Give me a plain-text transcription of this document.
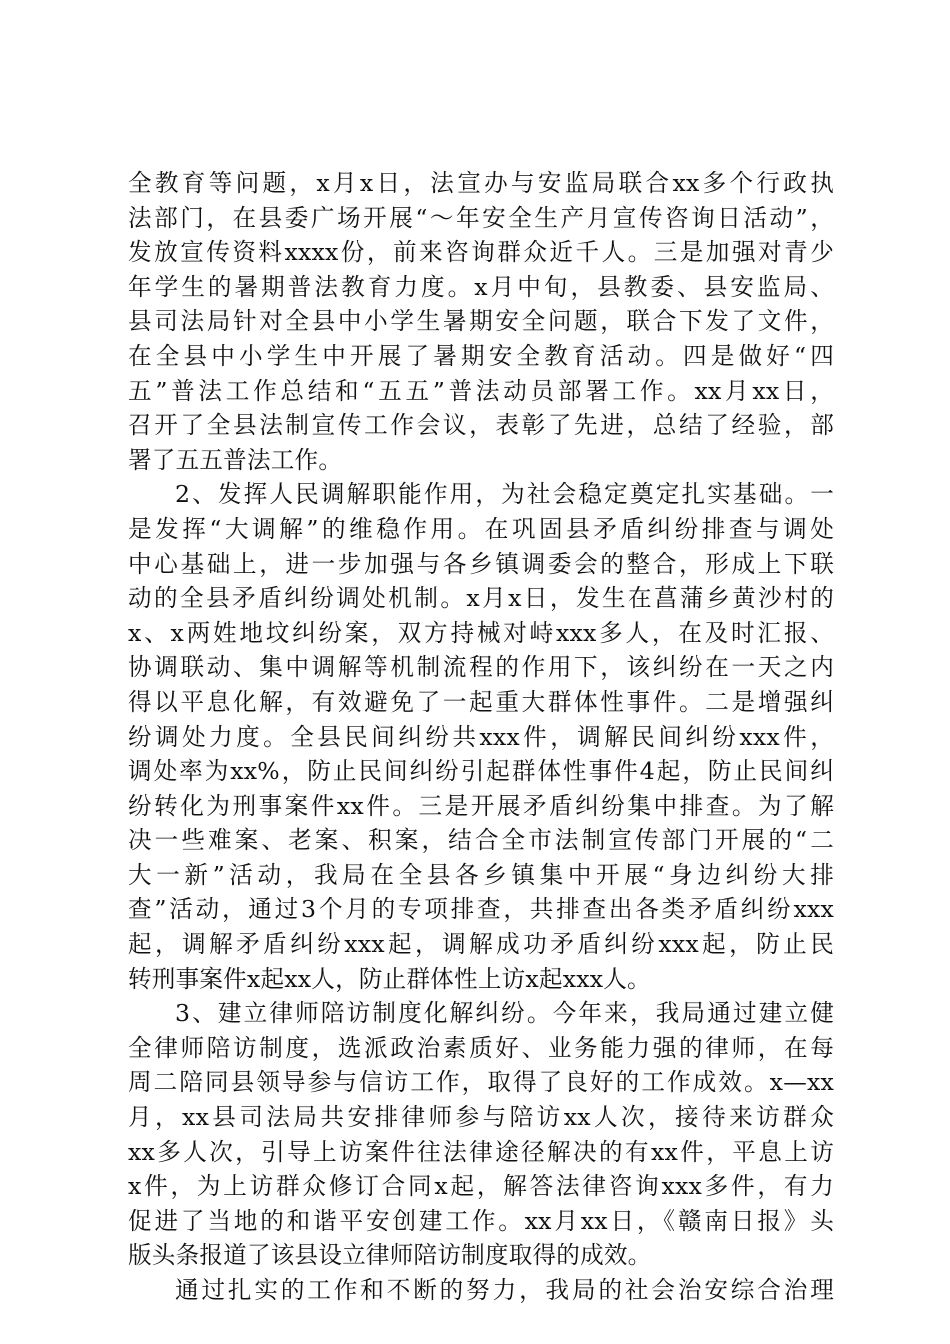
全教育等问题，x月x日，法宣办与安监局联合xx多个行政执
法部门，在县委广场开展“～年安全生产月宣传咨询日活动”，
发放宣传资料xxxx份，前来咨询群众近千人。三是加强对青少
年学生的暑期普法教育力度。x月中旬，县教委、县安监局、
县司法局针对全县中小学生暑期安全问题，联合下发了文件，
在全县中小学生中开展了暑期安全教育活动。四是做好“四
五”普法工作总结和“五五”普法动员部署工作。xx月xx日，
召开了全县法制宣传工作会议，表彰了先进，总结了经验，部
署了五五普法工作。
2、发挥人民调解职能作用，为社会稳定奠定扎实基础。一
是发挥“大调解”的维稳作用。在巩固县矛盾纠纷排查与调处
中心基础上，进一步加强与各乡镇调委会的整合，形成上下联
动的全县矛盾纠纷调处机制。x月x日，发生在菖蒲乡黄沙村的
x、x两姓地坟纠纷案，双方持械对峙xxx多人，在及时汇报、
协调联动、集中调解等机制流程的作用下，该纠纷在一天之内
得以平息化解，有效避免了一起重大群体性事件。二是增强纠
纷调处力度。全县民间纠纷共xxx件，调解民间纠纷xxx件，
调处率为xx%，防止民间纠纷引起群体性事件4起，防止民间纠
纷转化为刑事案件xx件。三是开展矛盾纠纷集中排查。为了解
决一些难案、老案、积案，结合全市法制宣传部门开展的“二
大一新”活动，我局在全县各乡镇集中开展“身边纠纷大排
查”活动，通过3个月的专项排查，共排查出各类矛盾纠纷xxx
起，调解矛盾纠纷xxx起，调解成功矛盾纠纷xxx起，防止民
转刑事案件x起xx人，防止群体性上访x起xxx人。
3、建立律师陪访制度化解纠纷。今年来，我局通过建立健
全律师陪访制度，选派政治素质好、业务能力强的律师，在每
周二陪同县领导参与信访工作，取得了良好的工作成效。x—xx
月，xx县司法局共安排律师参与陪访xx人次，接待来访群众
xx多人次，引导上访案件往法律途径解决的有xx件，平息上访
x件，为上访群众修订合同x起，解答法律咨询xxx多件，有力
促进了当地的和谐平安创建工作。xx月xx日，《赣南日报》头
版头条报道了该县设立律师陪访制度取得的成效。
通过扎实的工作和不断的努力，我局的社会治安综合治理
